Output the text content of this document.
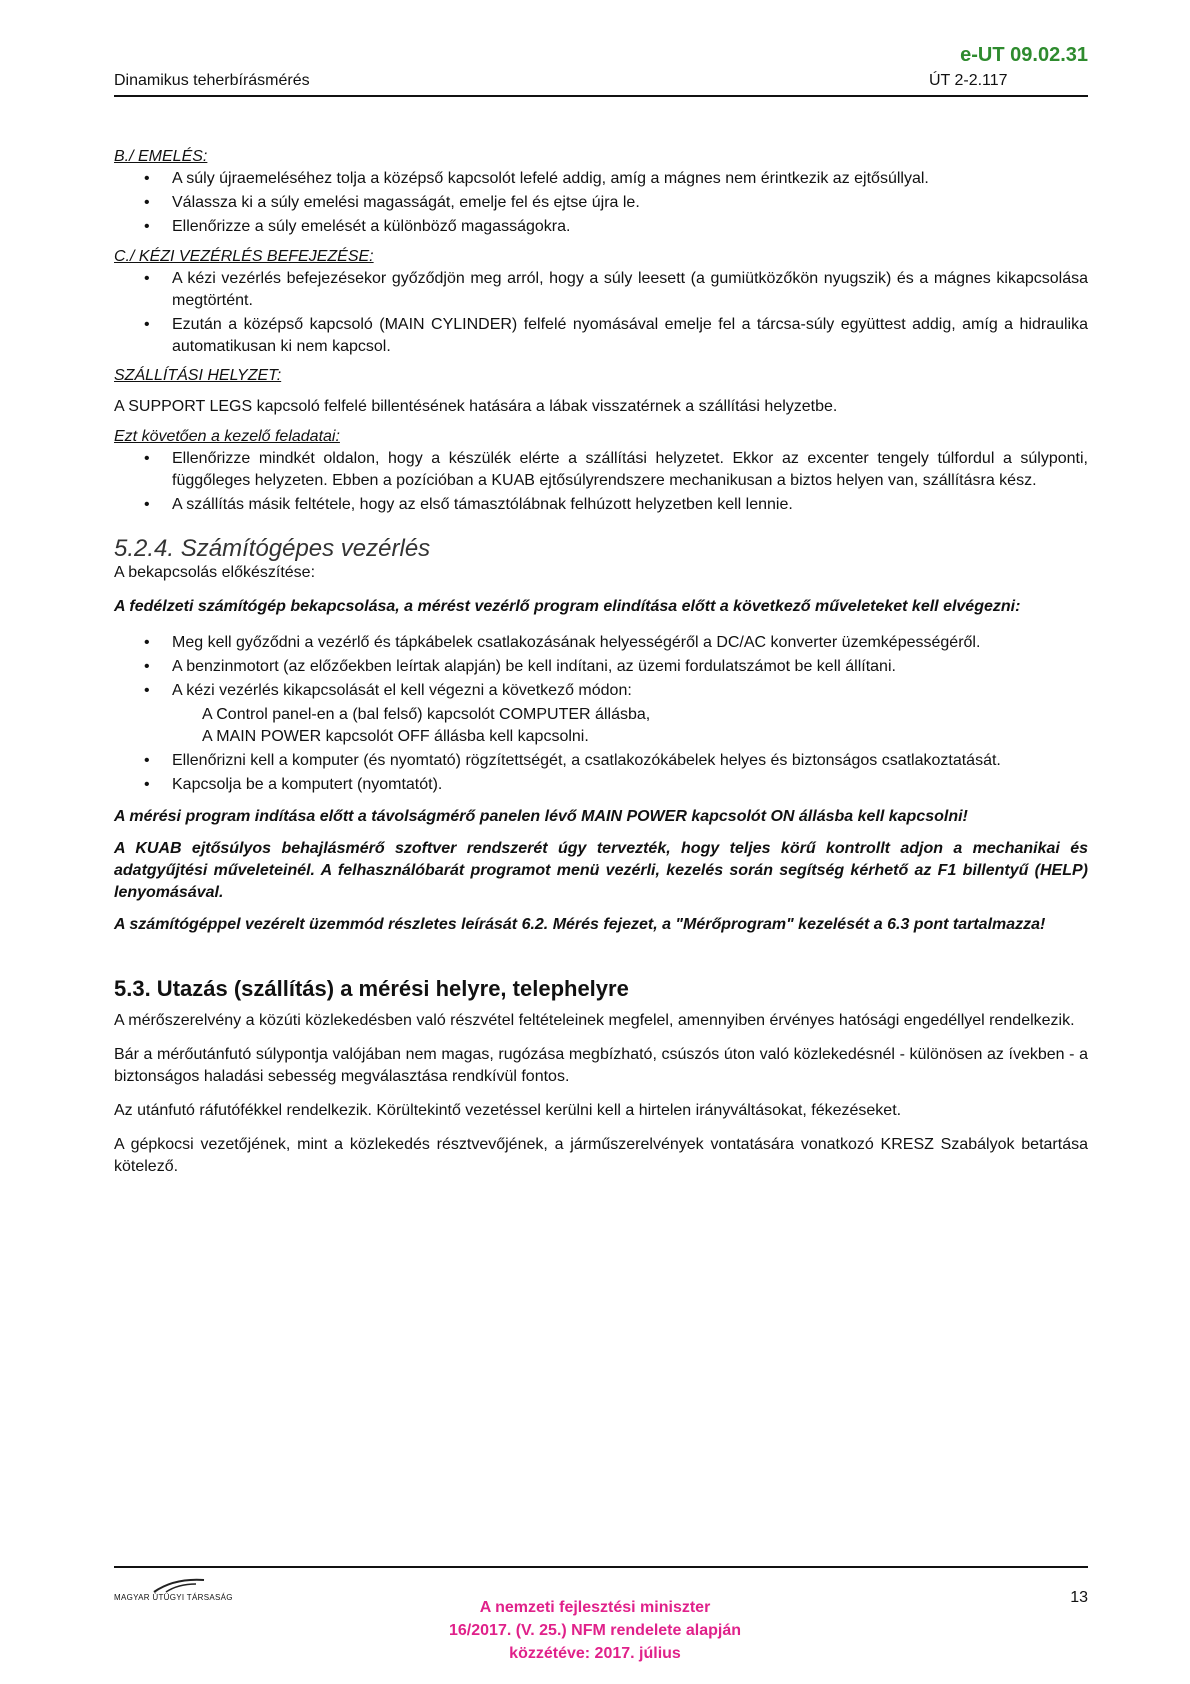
e-UT 09.02.31
Dinamikus teherbírásmérés	ÚT 2-2.117
B./ EMELÉS:
• A súly újraemeléséhez tolja a középső kapcsolót lefelé addig, amíg a mágnes nem érintkezik az ejtősúllyal.
• Válassza ki a súly emelési magasságát, emelje fel és ejtse újra le.
• Ellenőrizze a súly emelését a különböző magasságokra.
C./ KÉZI VEZÉRLÉS BEFEJEZÉSE:
• A kézi vezérlés befejezésekor győződjön meg arról, hogy a súly leesett (a gumiütközőkön nyugszik) és a mágnes kikapcsolása megtörtént.
• Ezután a középső kapcsoló (MAIN CYLINDER) felfelé nyomásával emelje fel a tárcsa-súly együttest addig, amíg a hidraulika automatikusan ki nem kapcsol.
SZÁLLÍTÁSI HELYZET:

A SUPPORT LEGS kapcsoló felfelé billentésének hatására a lábak visszatérnek a szállítási helyzetbe.

Ezt követően a kezelő feladatai:
• Ellenőrizze mindkét oldalon, hogy a készülék elérte a szállítási helyzetet. Ekkor az excenter tengely túlfordul a súlyponti, függőleges helyzeten. Ebben a pozícióban a KUAB ejtősúlyrendszere mechanikusan a biztos helyen van, szállításra kész.
• A szállítás másik feltétele, hogy az első támasztólábnak felhúzott helyzetben kell lennie.
5.2.4. Számítógépes vezérlés

A bekapcsolás előkészítése:

A fedélzeti számítógép bekapcsolása, a mérést vezérlő program elindítása előtt a következő műveleteket kell elvégezni:

• Meg kell győződni a vezérlő és tápkábelek csatlakozásának helyességéről a DC/AC konverter üzemképességéről.
• A benzinmotort (az előzőekben leírtak alapján) be kell indítani, az üzemi fordulatszámot be kell állítani.
• A kézi vezérlés kikapcsolását el kell végezni a következő módon:
A Control panel-en a (bal felső) kapcsolót COMPUTER állásba,
A MAIN POWER kapcsolót OFF állásba kell kapcsolni.
• Ellenőrizni kell a komputer (és nyomtató) rögzítettségét, a csatlakozókábelek helyes és biztonságos csatlakoztatását.
• Kapcsolja be a komputert (nyomtatót).

A mérési program indítása előtt a távolságmérő panelen lévő MAIN POWER kapcsolót ON állásba kell kapcsolni!

A KUAB ejtősúlyos behajlásmérő szoftver rendszerét úgy tervezték, hogy teljes körű kontrollt adjon a mechanikai és adatgyűjtési műveleteinél. A felhasználóbarát programot menü vezérli, kezelés során segítség kérhető az F1 billentyű (HELP) lenyomásával.

A számítógéppel vezérelt üzemmód részletes leírását 6.2. Mérés fejezet, a "Mérőprogram" kezelését a 6.3 pont tartalmazza!

5.3. Utazás (szállítás) a mérési helyre, telephelyre

A mérőszerelvény a közúti közlekedésben való részvétel feltételeinek megfelel, amennyiben érvényes hatósági engedéllyel rendelkezik.

Bár a mérőutánfutó súlypontja valójában nem magas, rugózása megbízható, csúszós úton való közlekedésnél - különösen az ívekben - a biztonságos haladási sebesség megválasztása rendkívül fontos.

Az utánfutó ráfutófékkel rendelkezik. Körültekintő vezetéssel kerülni kell a hirtelen irányváltásokat, fékezéseket.

A gépkocsi vezetőjének, mint a közlekedés résztvevőjének, a járműszerelvények vontatására vonatkozó KRESZ Szabályok betartása kötelező.

MAGYAR ÚTÜGYI TÁRSASÁG	13
A nemzeti fejlesztési miniszter
16/2017. (V. 25.) NFM rendelete alapján
közzétéve: 2017. július
